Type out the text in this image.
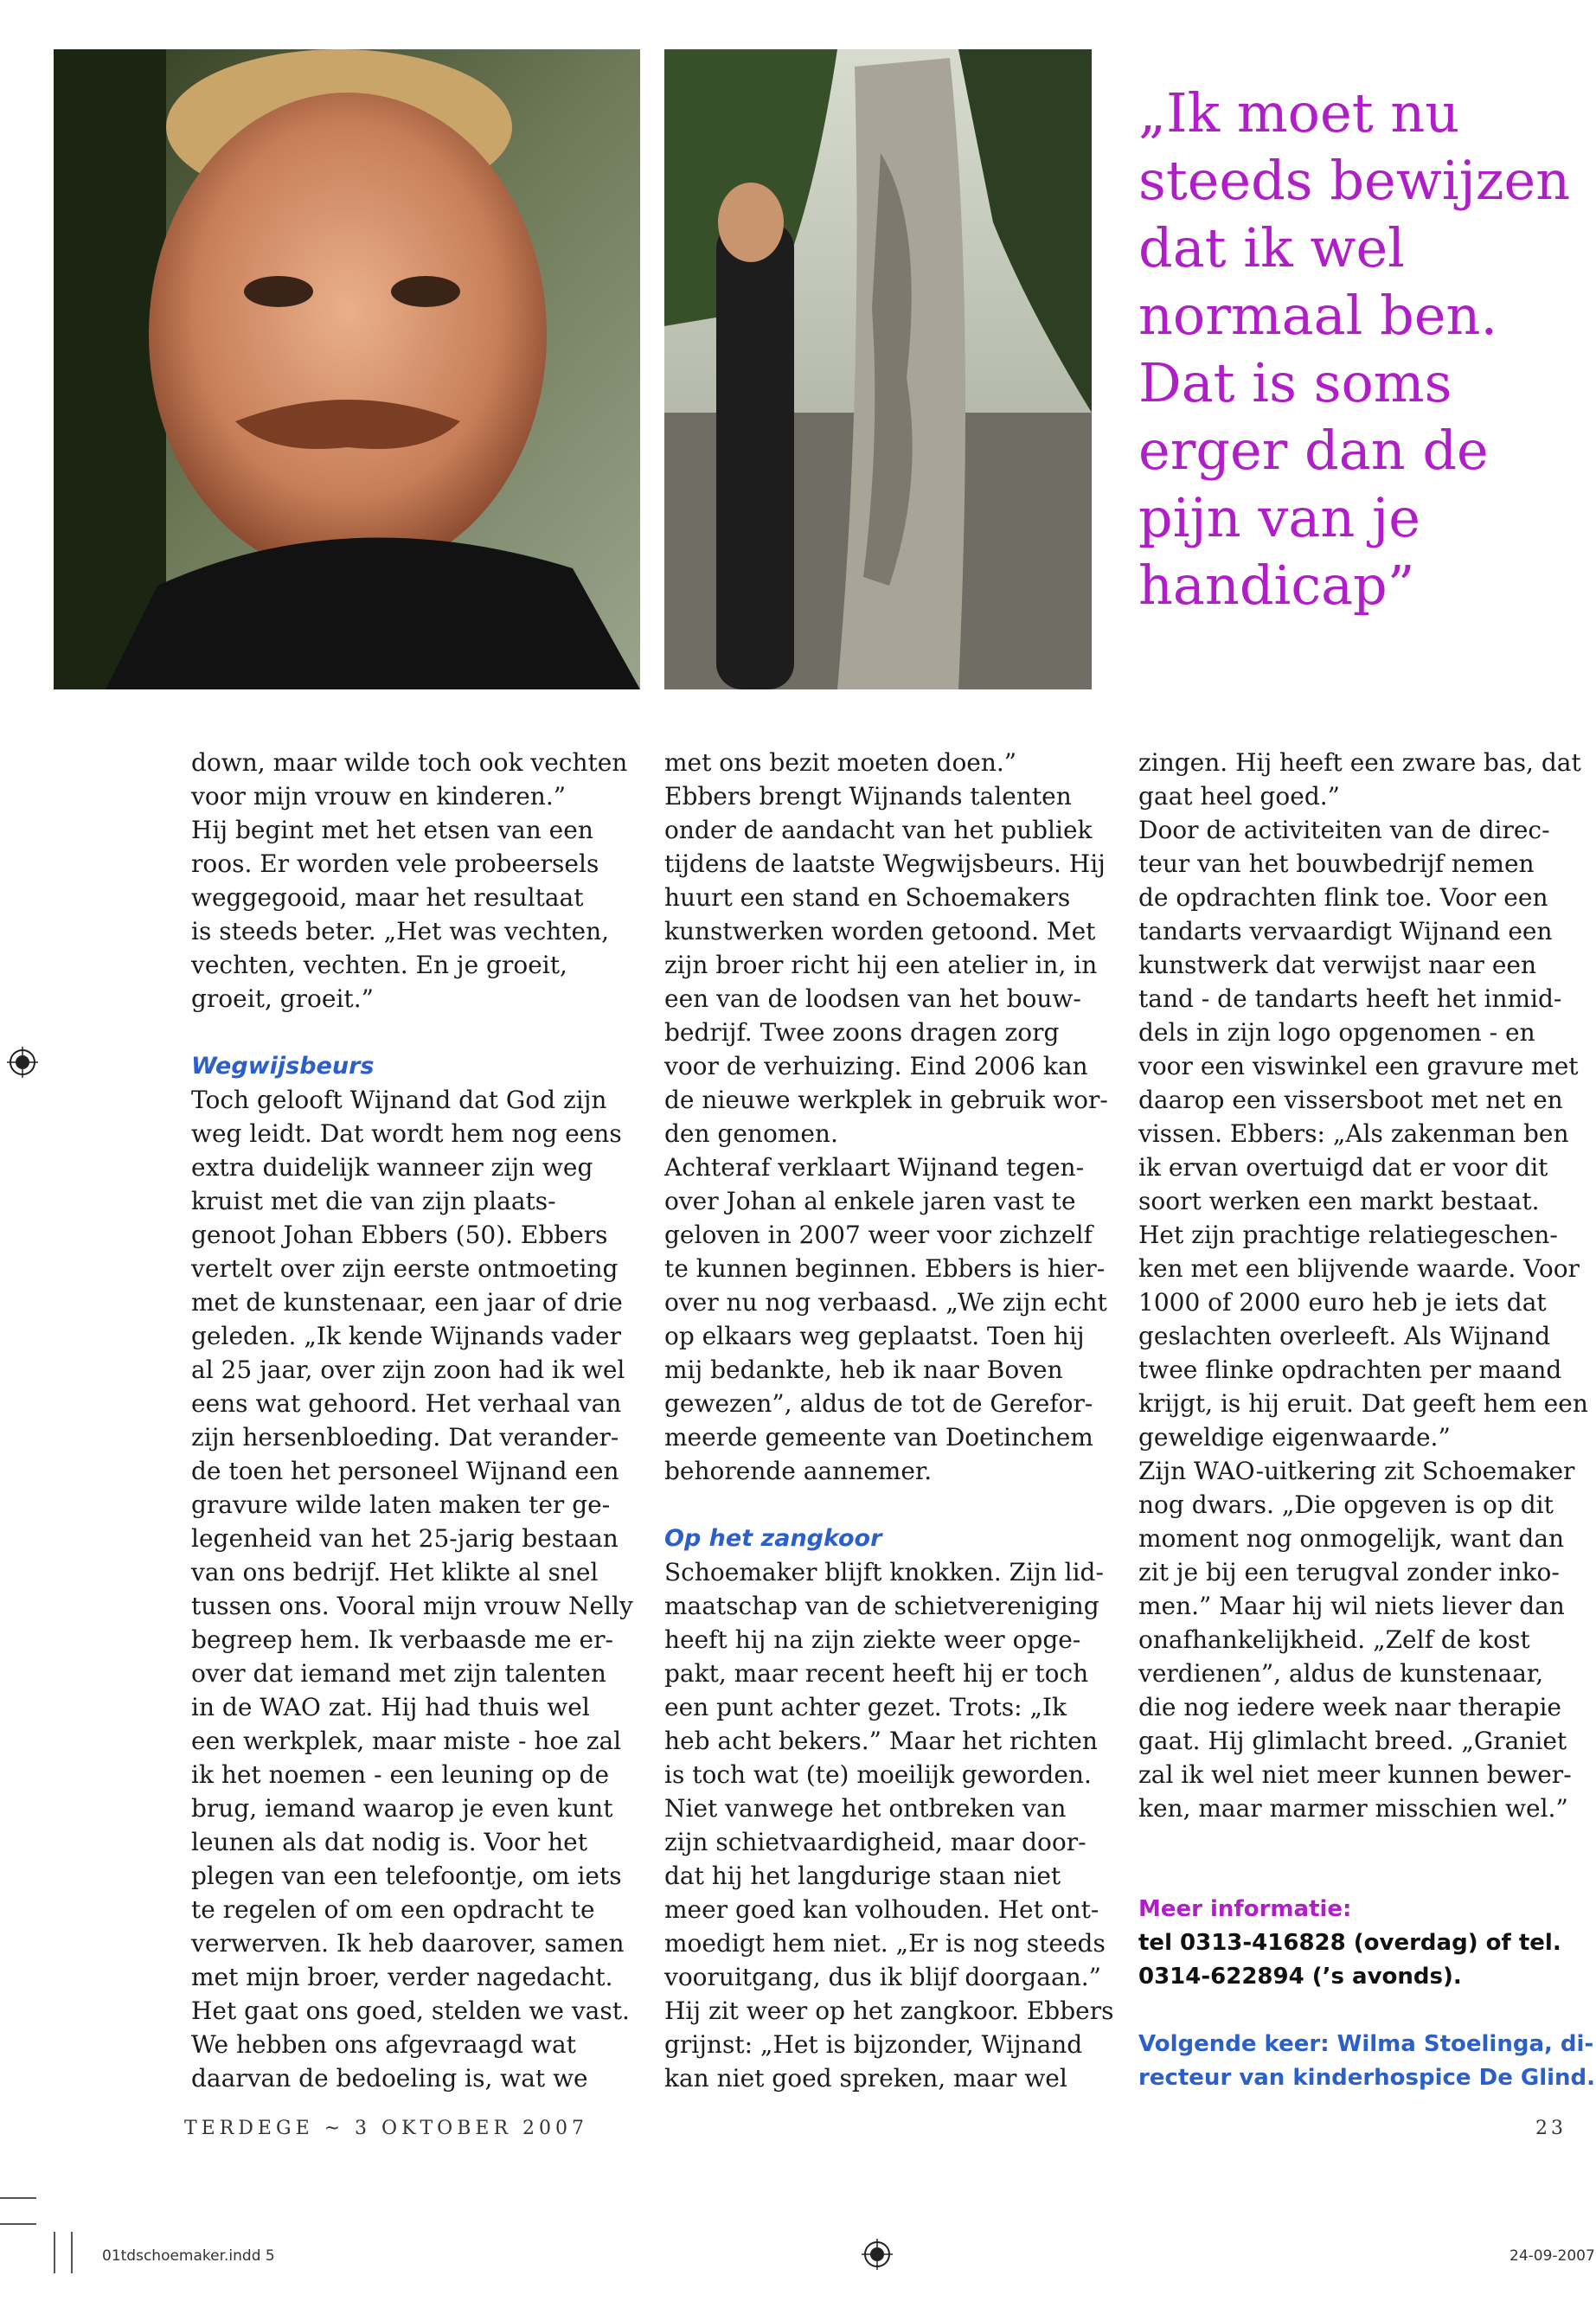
„Ik moet nu
steeds bewijzen
dat ik wel
normaal ben.
Dat is soms
erger dan de
pijn van je
handicap”

down, maar wilde toch ook vechten

voor mijn vrouw en kinderen.”

Hij begint met het etsen van een

roos. Er worden vele probeersels

weggegooid, maar het resultaat

is steeds beter. „Het was vechten,

vechten, vechten. En je groeit,

groeit, groeit.”

Wegwijsbeurs

Toch gelooft Wijnand dat God zijn

weg leidt. Dat wordt hem nog eens

extra duidelijk wanneer zijn weg

kruist met die van zijn plaats-

genoot Johan Ebbers (50). Ebbers

vertelt over zijn eerste ontmoeting

met de kunstenaar, een jaar of drie

geleden. „Ik kende Wijnands vader

al 25 jaar, over zijn zoon had ik wel

eens wat gehoord. Het verhaal van

zijn hersenbloeding. Dat verander-

de toen het personeel Wijnand een

gravure wilde laten maken ter ge-

legenheid van het 25-jarig bestaan

van ons bedrijf. Het klikte al snel

tussen ons. Vooral mijn vrouw Nelly

begreep hem. Ik verbaasde me er-

over dat iemand met zijn talenten

in de WAO zat. Hij had thuis wel

een werkplek, maar miste - hoe zal

ik het noemen - een leuning op de

brug, iemand waarop je even kunt

leunen als dat nodig is. Voor het

plegen van een telefoontje, om iets

te regelen of om een opdracht te

verwerven. Ik heb daarover, samen

met mijn broer, verder nagedacht.

Het gaat ons goed, stelden we vast.

We hebben ons afgevraagd wat

daarvan de bedoeling is, wat we

met ons bezit moeten doen.”

Ebbers brengt Wijnands talenten

onder de aandacht van het publiek

tijdens de laatste Wegwijsbeurs. Hij

huurt een stand en Schoemakers

kunstwerken worden getoond. Met

zijn broer richt hij een atelier in, in

een van de loodsen van het bouw-

bedrijf. Twee zoons dragen zorg

voor de verhuizing. Eind 2006 kan

de nieuwe werkplek in gebruik wor-

den genomen.

Achteraf verklaart Wijnand tegen-

over Johan al enkele jaren vast te

geloven in 2007 weer voor zichzelf

te kunnen beginnen. Ebbers is hier-

over nu nog verbaasd. „We zijn echt

op elkaars weg geplaatst. Toen hij

mij bedankte, heb ik naar Boven

gewezen”, aldus de tot de Gerefor-

meerde gemeente van Doetinchem

behorende aannemer.

Op het zangkoor

Schoemaker blijft knokken. Zijn lid-

maatschap van de schietvereniging

heeft hij na zijn ziekte weer opge-

pakt, maar recent heeft hij er toch

een punt achter gezet. Trots: „Ik

heb acht bekers.” Maar het richten

is toch wat (te) moeilijk geworden.

Niet vanwege het ontbreken van

zijn schietvaardigheid, maar door-

dat hij het langdurige staan niet

meer goed kan volhouden. Het ont-

moedigt hem niet. „Er is nog steeds

vooruitgang, dus ik blijf doorgaan.”

Hij zit weer op het zangkoor. Ebbers

grijnst: „Het is bijzonder, Wijnand

kan niet goed spreken, maar wel

zingen. Hij heeft een zware bas, dat

gaat heel goed.”

Door de activiteiten van de direc-

teur van het bouwbedrijf nemen

de opdrachten flink toe. Voor een

tandarts vervaardigt Wijnand een

kunstwerk dat verwijst naar een

tand - de tandarts heeft het inmid-

dels in zijn logo opgenomen - en

voor een viswinkel een gravure met

daarop een vissersboot met net en

vissen. Ebbers: „Als zakenman ben

ik ervan overtuigd dat er voor dit

soort werken een markt bestaat.

Het zijn prachtige relatiegeschen-

ken met een blijvende waarde. Voor

1000 of 2000 euro heb je iets dat

geslachten overleeft. Als Wijnand

twee flinke opdrachten per maand

krijgt, is hij eruit. Dat geeft hem een

geweldige eigenwaarde.”

Zijn WAO-uitkering zit Schoemaker

nog dwars. „Die opgeven is op dit

moment nog onmogelijk, want dan

zit je bij een terugval zonder inko-

men.” Maar hij wil niets liever dan

onafhankelijkheid. „Zelf de kost

verdienen”, aldus de kunstenaar,

die nog iedere week naar therapie

gaat. Hij glimlacht breed. „Graniet

zal ik wel niet meer kunnen bewer-

ken, maar marmer misschien wel.”

Meer informatie:
tel 0313-416828 (overdag) of tel.
0314-622894 (’s avonds).
Volgende keer: Wilma Stoelinga, di-
recteur van kinderhospice De Glind.
TERDEGE ~ 3 OKTOBER 2007	23
01tdschoemaker.indd 5	24-09-2007
